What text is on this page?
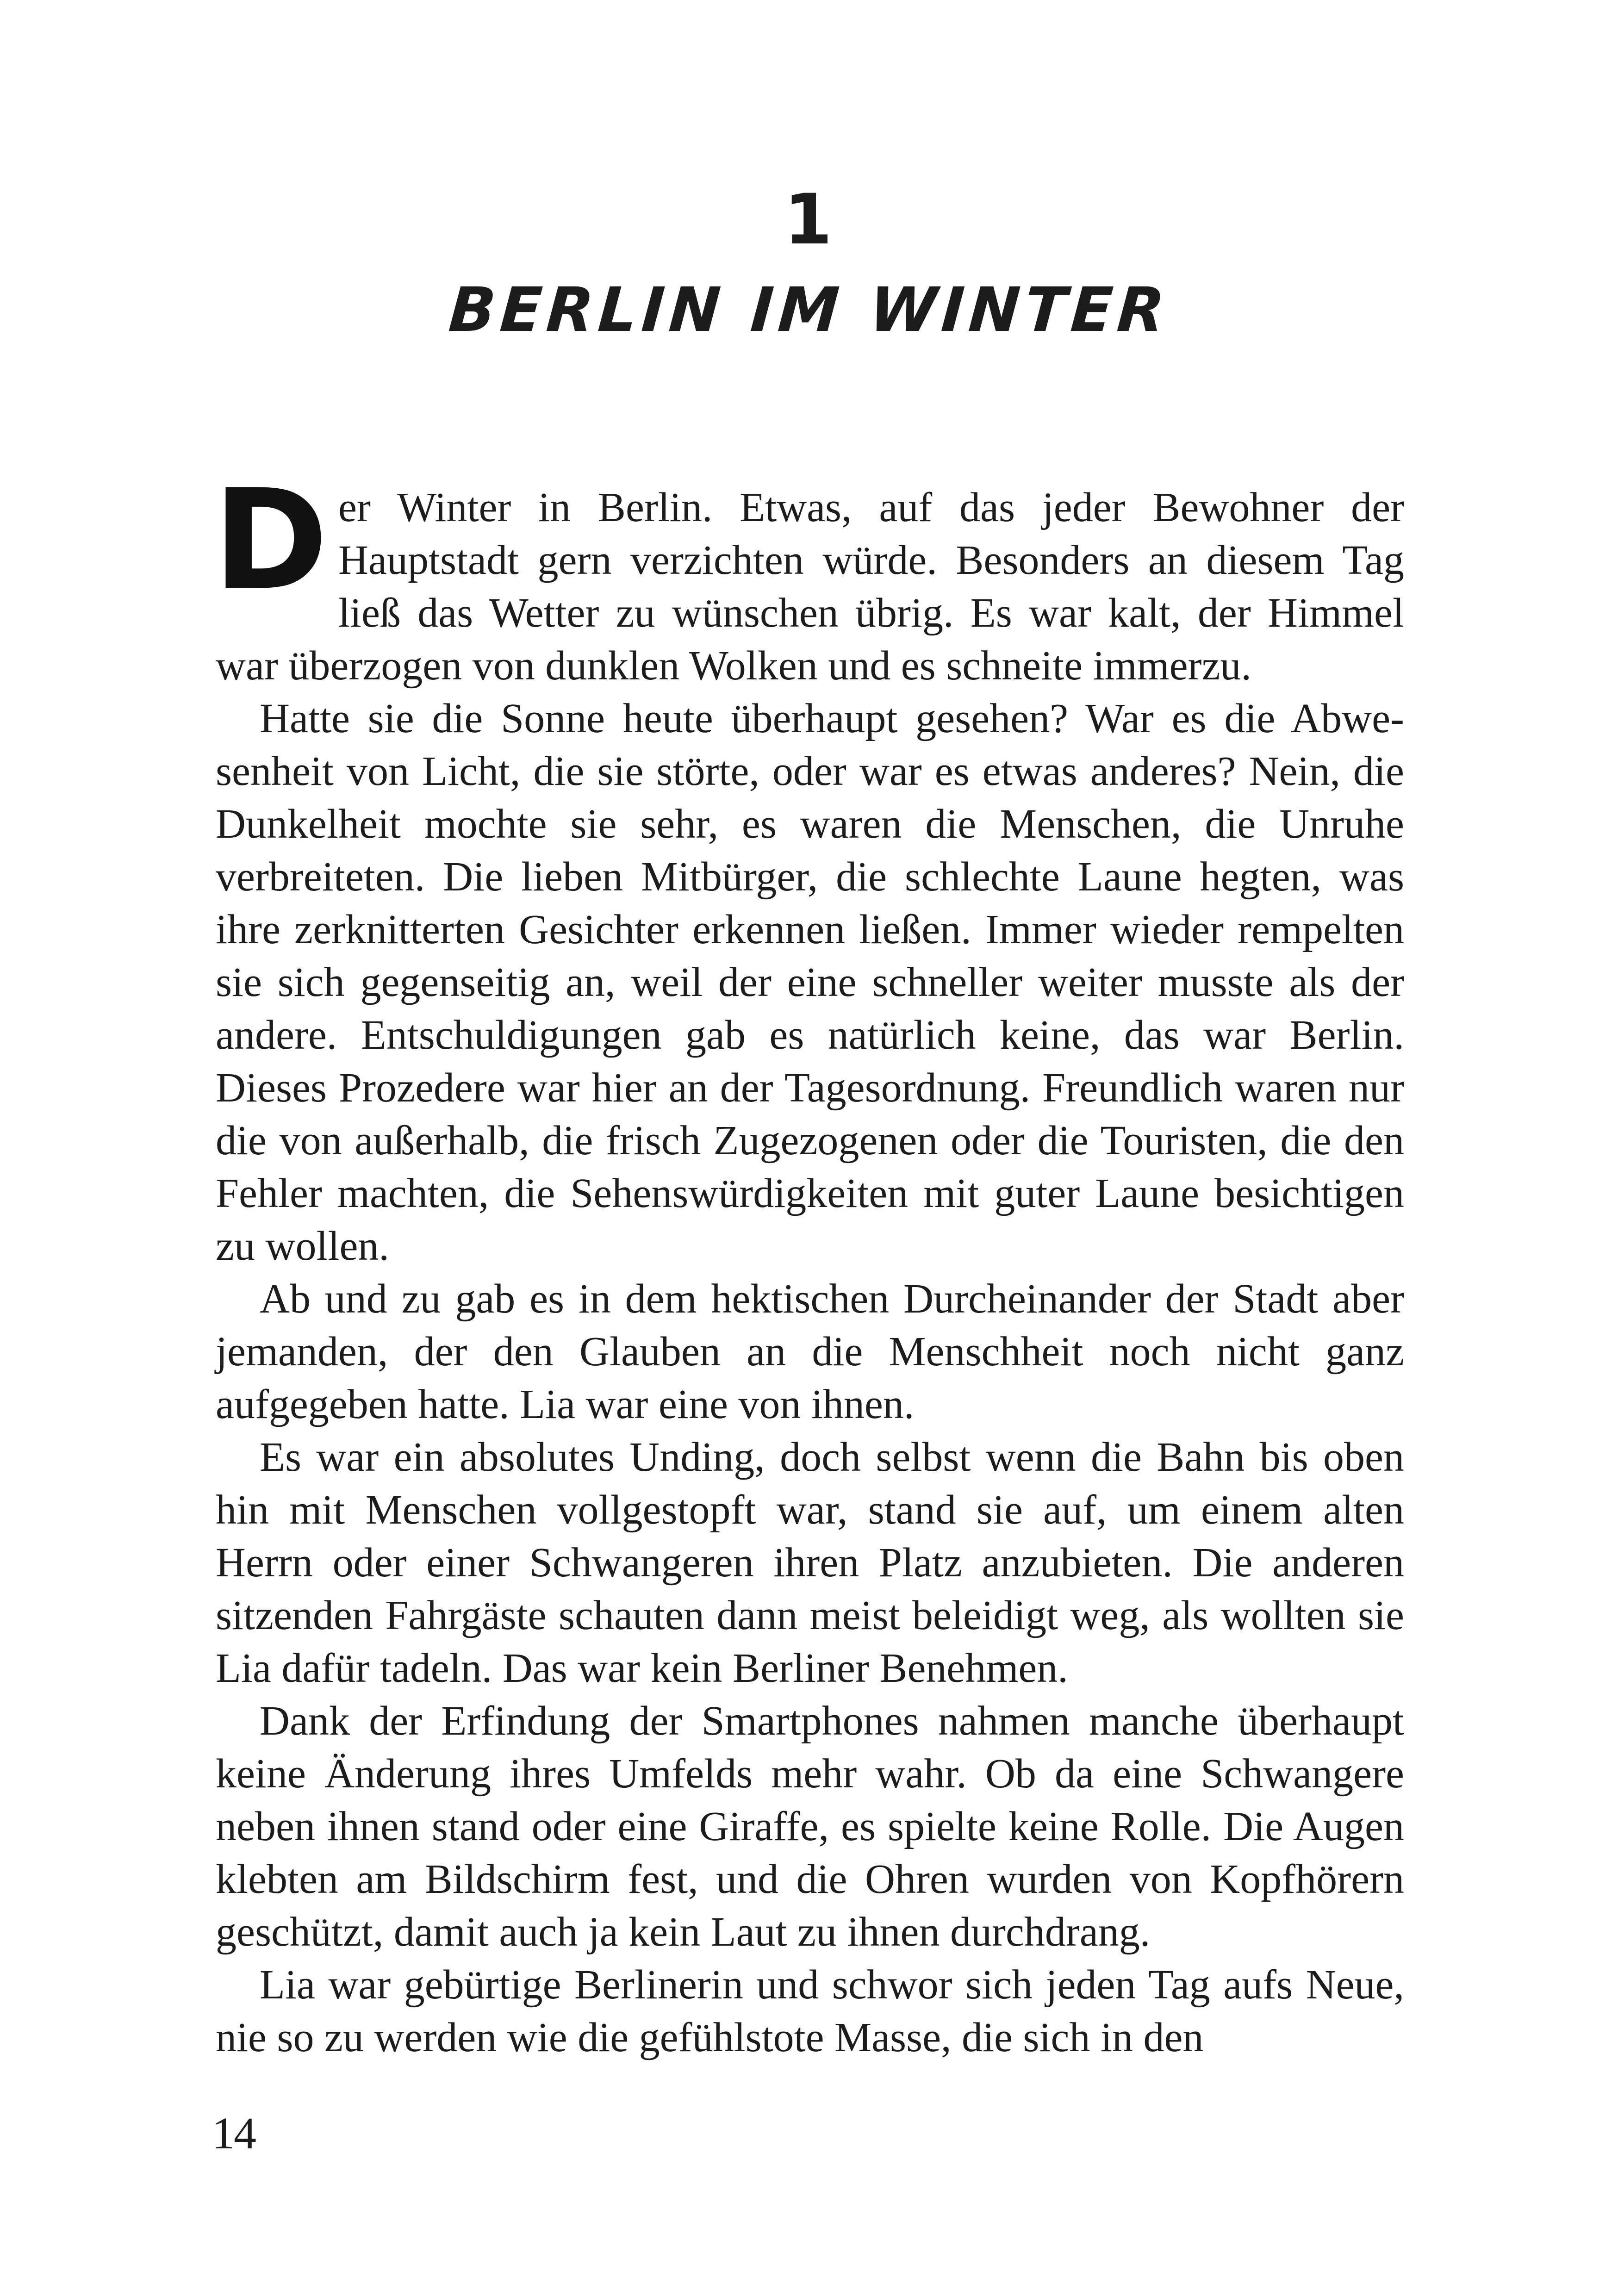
1
BERLIN IM WINTER

Der Winter in Berlin. Etwas, auf das jeder Bewohner der Hauptstadt gern verzichten würde. Besonders an diesem Tag ließ das Wetter zu wünschen übrig. Es war kalt, der Himmel war überzogen von dunklen Wolken und es schneite immerzu.

Hatte sie die Sonne heute überhaupt gesehen? War es die Abwesenheit von Licht, die sie störte, oder war es etwas anderes? Nein, die Dunkelheit mochte sie sehr, es waren die Menschen, die Unruhe verbreiteten. Die lieben Mitbürger, die schlechte Laune hegten, was ihre zerknitterten Gesichter erkennen ließen. Immer wieder rempelten sie sich gegenseitig an, weil der eine schneller weiter musste als der andere. Entschuldigungen gab es natürlich keine, das war Berlin. Dieses Prozedere war hier an der Tagesordnung. Freundlich waren nur die von außerhalb, die frisch Zugezogenen oder die Touristen, die den Fehler machten, die Sehenswürdigkeiten mit guter Laune besichtigen zu wollen.

Ab und zu gab es in dem hektischen Durcheinander der Stadt aber jemanden, der den Glauben an die Menschheit noch nicht ganz aufgegeben hatte. Lia war eine von ihnen.

Es war ein absolutes Unding, doch selbst wenn die Bahn bis oben hin mit Menschen vollgestopft war, stand sie auf, um einem alten Herrn oder einer Schwangeren ihren Platz anzubieten. Die anderen sitzenden Fahrgäste schauten dann meist beleidigt weg, als wollten sie Lia dafür tadeln. Das war kein Berliner Benehmen.

Dank der Erfindung der Smartphones nahmen manche überhaupt keine Änderung ihres Umfelds mehr wahr. Ob da eine Schwangere neben ihnen stand oder eine Giraffe, es spielte keine Rolle. Die Augen klebten am Bildschirm fest, und die Ohren wurden von Kopfhörern geschützt, damit auch ja kein Laut zu ihnen durchdrang.

Lia war gebürtige Berlinerin und schwor sich jeden Tag aufs Neue, nie so zu werden wie die gefühlstote Masse, die sich in den

14
